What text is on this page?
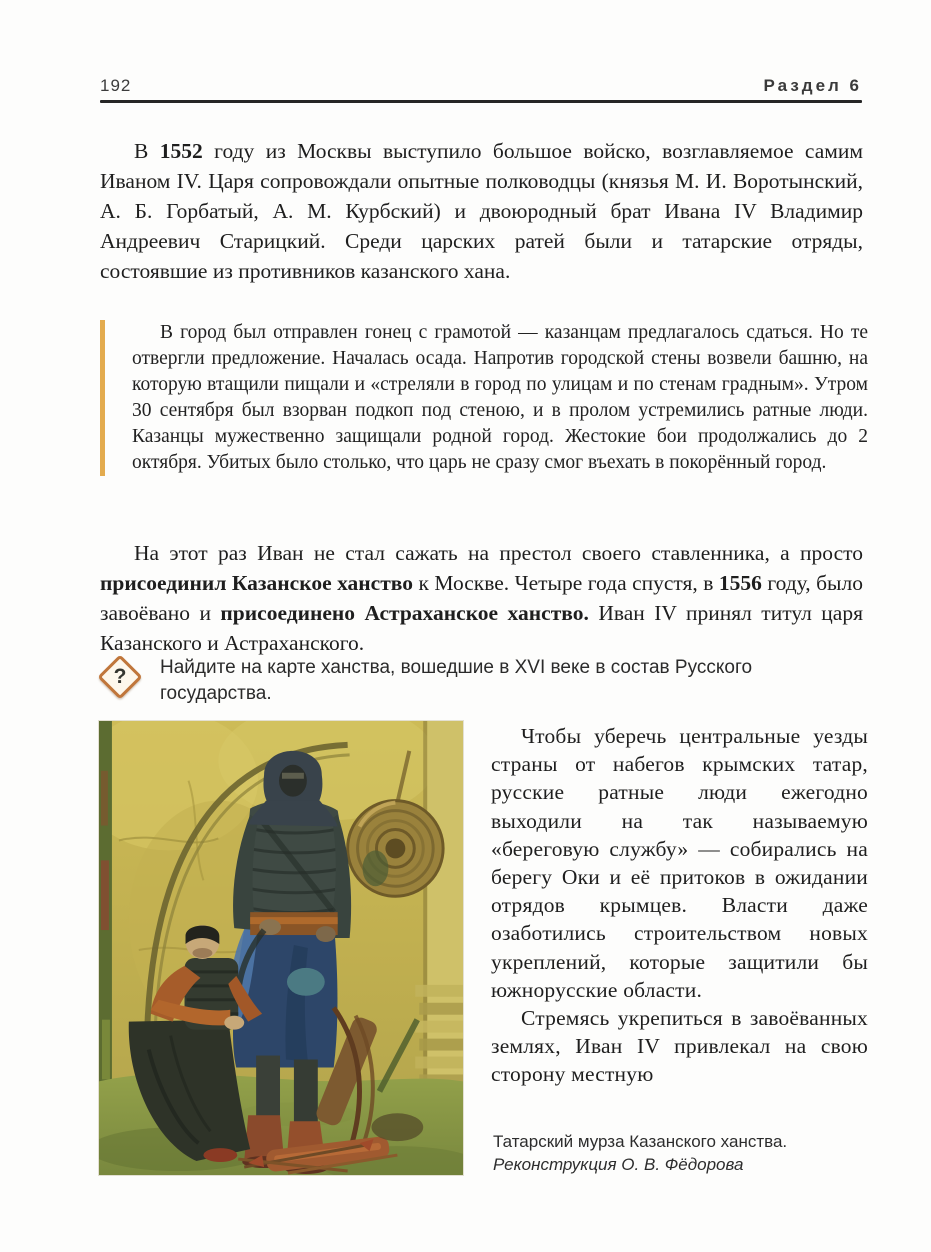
192	Раздел 6

В 1552 году из Москвы выступило большое войско, возглавляемое самим Иваном IV. Царя сопровождали опытные полководцы (князья М. И. Воротынский, А. Б. Горбатый, А. М. Курбский) и двоюродный брат Ивана IV Владимир Андреевич Старицкий. Среди царских ратей были и татарские отряды, состоявшие из противников казанского хана.

В город был отправлен гонец с грамотой — казанцам предлагалось сдаться. Но те отвергли предложение. Началась осада. Напротив городской стены возвели башню, на которую втащили пищали и «стреляли в город по улицам и по стенам градным». Утром 30 сентября был взорван подкоп под стеною, и в пролом устремились ратные люди. Казанцы мужественно защищали родной город. Жестокие бои продолжались до 2 октября. Убитых было столько, что царь не сразу смог въехать в покорённый город.

На этот раз Иван не стал сажать на престол своего ставленника, а просто присоединил Казанское ханство к Москве. Четыре года спустя, в 1556 году, было завоёвано и присоединено Астраханское ханство. Иван IV принял титул царя Казанского и Астраханского.

?	Найдите на карте ханства, вошедшие в XVI веке в состав Русского государства.

Чтобы уберечь центральные уезды страны от набегов крымских татар, русские ратные люди ежегодно выходили на так называемую «береговую службу» — собирались на берегу Оки и её притоков в ожидании отрядов крымцев. Власти даже озаботились строительством новых укреплений, которые защитили бы южнорусские области.

Стремясь укрепиться в завоёванных землях, Иван IV привлекал на свою сторону местную

Татарский мурза Казанского ханства.
Реконструкция О. В. Фёдорова
